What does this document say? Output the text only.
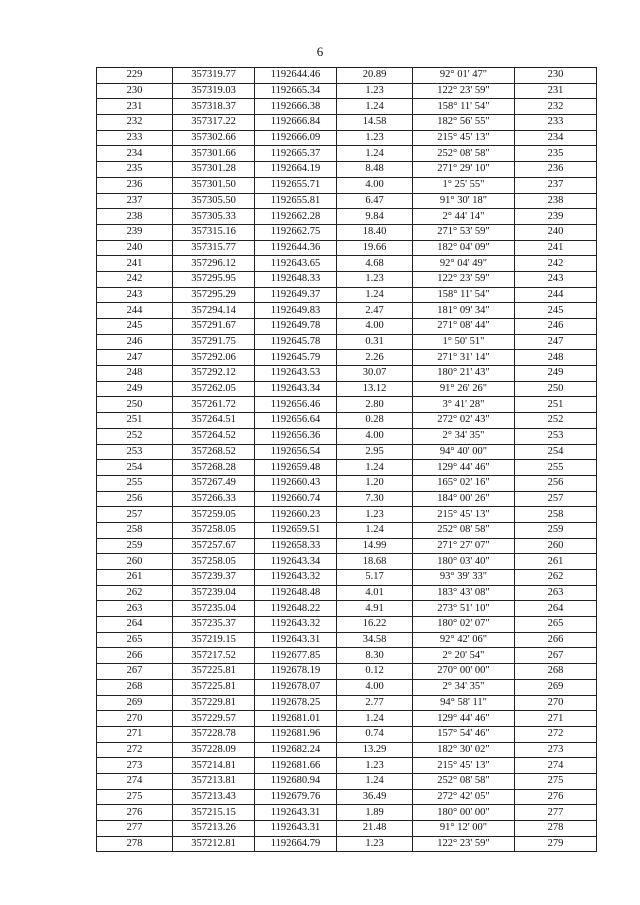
6
229	357319.77	1192644.46	20.89	92° 01' 47"	230
230	357319.03	1192665.34	1.23	122° 23' 59"	231
231	357318.37	1192666.38	1.24	158° 11' 54"	232
232	357317.22	1192666.84	14.58	182° 56' 55"	233
233	357302.66	1192666.09	1.23	215° 45' 13"	234
234	357301.66	1192665.37	1.24	252° 08' 58"	235
235	357301.28	1192664.19	8.48	271° 29' 10"	236
236	357301.50	1192655.71	4.00	1° 25' 55"	237
237	357305.50	1192655.81	6.47	91° 30' 18"	238
238	357305.33	1192662.28	9.84	2° 44' 14"	239
239	357315.16	1192662.75	18.40	271° 53' 59"	240
240	357315.77	1192644.36	19.66	182° 04' 09"	241
241	357296.12	1192643.65	4.68	92° 04' 49"	242
242	357295.95	1192648.33	1.23	122° 23' 59"	243
243	357295.29	1192649.37	1.24	158° 11' 54"	244
244	357294.14	1192649.83	2.47	181° 09' 34"	245
245	357291.67	1192649.78	4.00	271° 08' 44"	246
246	357291.75	1192645.78	0.31	1° 50' 51"	247
247	357292.06	1192645.79	2.26	271° 31' 14"	248
248	357292.12	1192643.53	30.07	180° 21' 43"	249
249	357262.05	1192643.34	13.12	91° 26' 26"	250
250	357261.72	1192656.46	2.80	3° 41' 28"	251
251	357264.51	1192656.64	0.28	272° 02' 43"	252
252	357264.52	1192656.36	4.00	2° 34' 35"	253
253	357268.52	1192656.54	2.95	94° 40' 00"	254
254	357268.28	1192659.48	1.24	129° 44' 46"	255
255	357267.49	1192660.43	1.20	165° 02' 16"	256
256	357266.33	1192660.74	7.30	184° 00' 26"	257
257	357259.05	1192660.23	1.23	215° 45' 13"	258
258	357258.05	1192659.51	1.24	252° 08' 58"	259
259	357257.67	1192658.33	14.99	271° 27' 07"	260
260	357258.05	1192643.34	18.68	180° 03' 40"	261
261	357239.37	1192643.32	5.17	93° 39' 33"	262
262	357239.04	1192648.48	4.01	183° 43' 08"	263
263	357235.04	1192648.22	4.91	273° 51' 10"	264
264	357235.37	1192643.32	16.22	180° 02' 07"	265
265	357219.15	1192643.31	34.58	92° 42' 06"	266
266	357217.52	1192677.85	8.30	2° 20' 54"	267
267	357225.81	1192678.19	0.12	270° 00' 00"	268
268	357225.81	1192678.07	4.00	2° 34' 35"	269
269	357229.81	1192678.25	2.77	94° 58' 11"	270
270	357229.57	1192681.01	1.24	129° 44' 46"	271
271	357228.78	1192681.96	0.74	157° 54' 46"	272
272	357228.09	1192682.24	13.29	182° 30' 02"	273
273	357214.81	1192681.66	1.23	215° 45' 13"	274
274	357213.81	1192680.94	1.24	252° 08' 58"	275
275	357213.43	1192679.76	36.49	272° 42' 05"	276
276	357215.15	1192643.31	1.89	180° 00' 00"	277
277	357213.26	1192643.31	21.48	91° 12' 00"	278
278	357212.81	1192664.79	1.23	122° 23' 59"	279
